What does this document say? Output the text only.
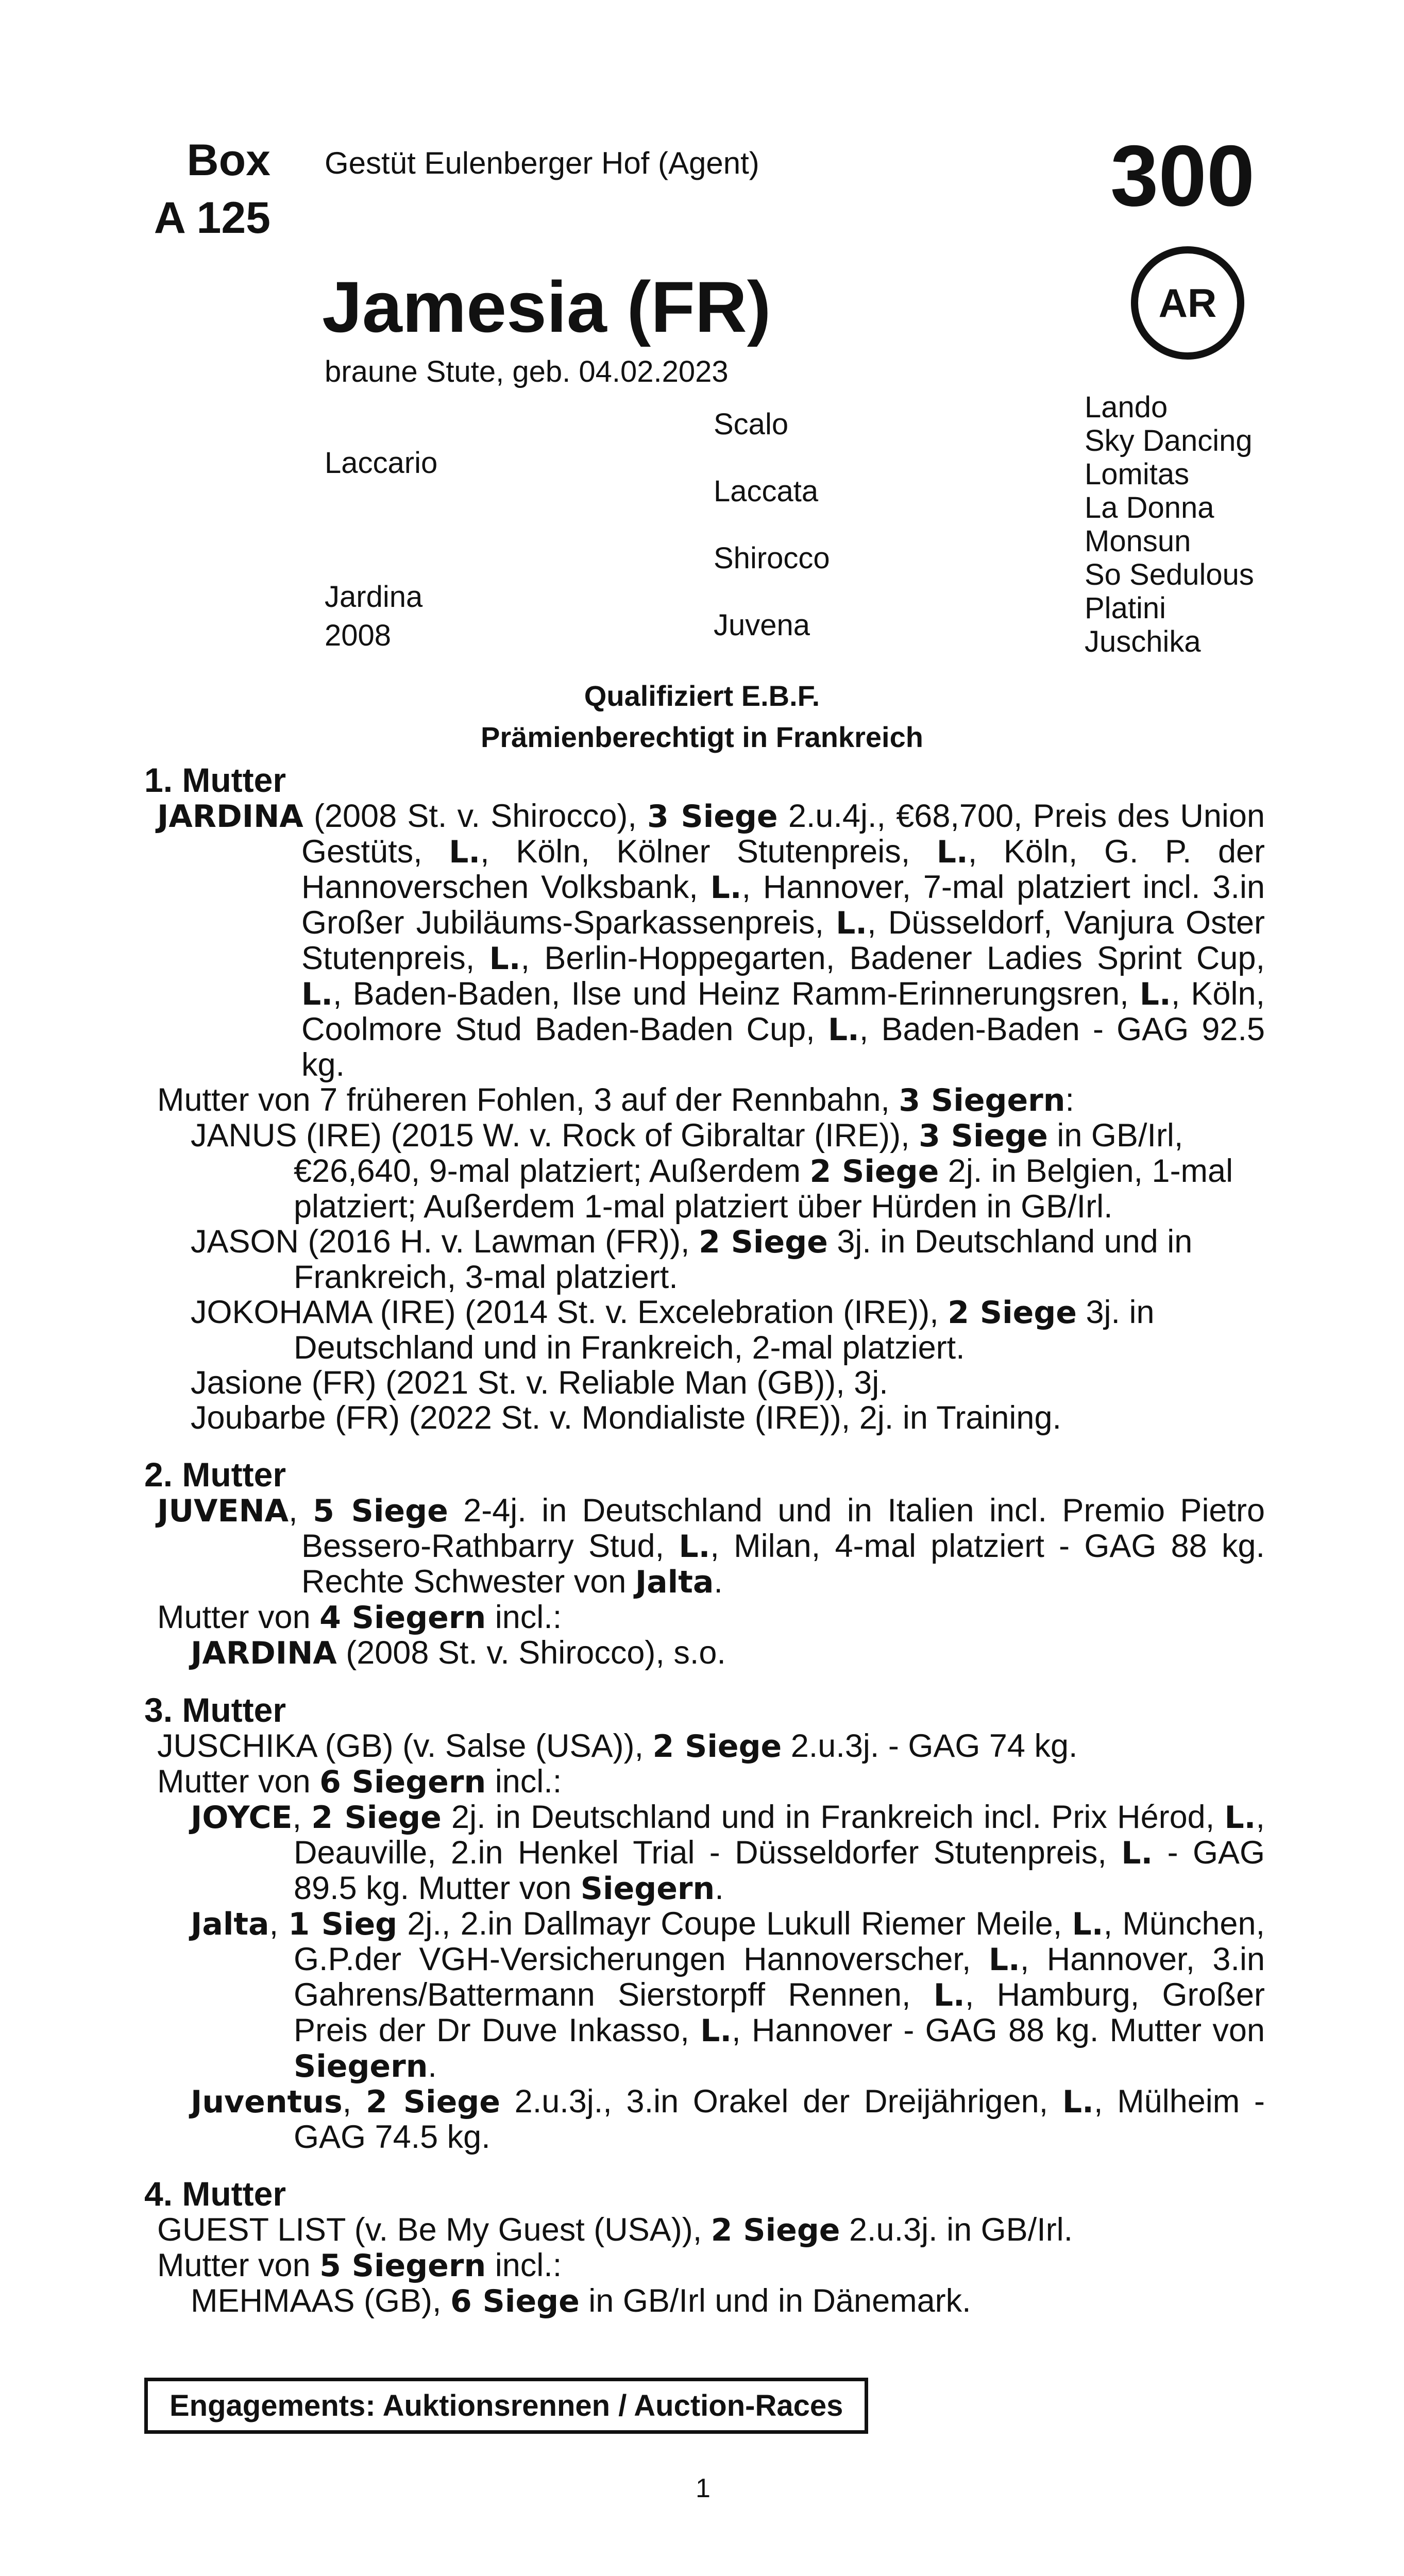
Box
A 125
Gestüt Eulenberger Hof (Agent)	300
AR
Jamesia (FR)
braune Stute, geb. 04.02.2023
Laccario
Jardina
2008
Scalo
Laccata
Shirocco
Juvena
Lando
Sky Dancing
Lomitas
La Donna
Monsun
So Sedulous
Platini
Juschika
Qualifiziert E.B.F.
Prämienberechtigt in Frankreich
1. Mutter

JARDINA (2008 St. v. Shirocco), 3 Siege 2.u.4j., €68,700, Preis des Union Gestüts, L., Köln, Kölner Stutenpreis, L., Köln, G. P. der Hannoverschen Volksbank, L., Hannover, 7-mal platziert incl. 3.in Großer Jubiläums-Sparkassenpreis, L., Düsseldorf, Vanjura Oster Stutenpreis, L., Berlin-Hoppegarten, Badener Ladies Sprint Cup, L., Baden-Baden, Ilse und Heinz Ramm-Erinnerungsren, L., Köln, Coolmore Stud Baden-Baden Cup, L., Baden-Baden - GAG 92.5 kg.

Mutter von 7 früheren Fohlen, 3 auf der Rennbahn, 3 Siegern:

JANUS (IRE) (2015 W. v. Rock of Gibraltar (IRE)), 3 Siege in GB/Irl, €26,640, 9-mal platziert; Außerdem 2 Siege 2j. in Belgien, 1-mal platziert; Außerdem 1-mal platziert über Hürden in GB/Irl.

JASON (2016 H. v. Lawman (FR)), 2 Siege 3j. in Deutschland und in Frankreich, 3-mal platziert.

JOKOHAMA (IRE) (2014 St. v. Excelebration (IRE)), 2 Siege 3j. in Deutschland und in Frankreich, 2-mal platziert.

Jasione (FR) (2021 St. v. Reliable Man (GB)), 3j.

Joubarbe (FR) (2022 St. v. Mondialiste (IRE)), 2j. in Training.

2. Mutter

JUVENA, 5 Siege 2-4j. in Deutschland und in Italien incl. Premio Pietro Bessero-Rathbarry Stud, L., Milan, 4-mal platziert - GAG 88 kg. Rechte Schwester von Jalta.

Mutter von 4 Siegern incl.:

JARDINA (2008 St. v. Shirocco), s.o.

3. Mutter

JUSCHIKA (GB) (v. Salse (USA)), 2 Siege 2.u.3j. - GAG 74 kg.

Mutter von 6 Siegern incl.:

JOYCE, 2 Siege 2j. in Deutschland und in Frankreich incl. Prix Hérod, L., Deauville, 2.in Henkel Trial - Düsseldorfer Stutenpreis, L. - GAG 89.5 kg. Mutter von Siegern.

Jalta, 1 Sieg 2j., 2.in Dallmayr Coupe Lukull Riemer Meile, L., München, G.P.der VGH-Versicherungen Hannoverscher, L., Hannover, 3.in Gahrens/Battermann Sierstorpff Rennen, L., Hamburg, Großer Preis der Dr Duve Inkasso, L., Hannover - GAG 88 kg. Mutter von Siegern.

Juventus, 2 Siege 2.u.3j., 3.in Orakel der Dreijährigen, L., Mülheim - GAG 74.5 kg.

4. Mutter

GUEST LIST (v. Be My Guest (USA)), 2 Siege 2.u.3j. in GB/Irl.

Mutter von 5 Siegern incl.:

MEHMAAS (GB), 6 Siege in GB/Irl und in Dänemark.

Engagements: Auktionsrennen / Auction-Races
1
